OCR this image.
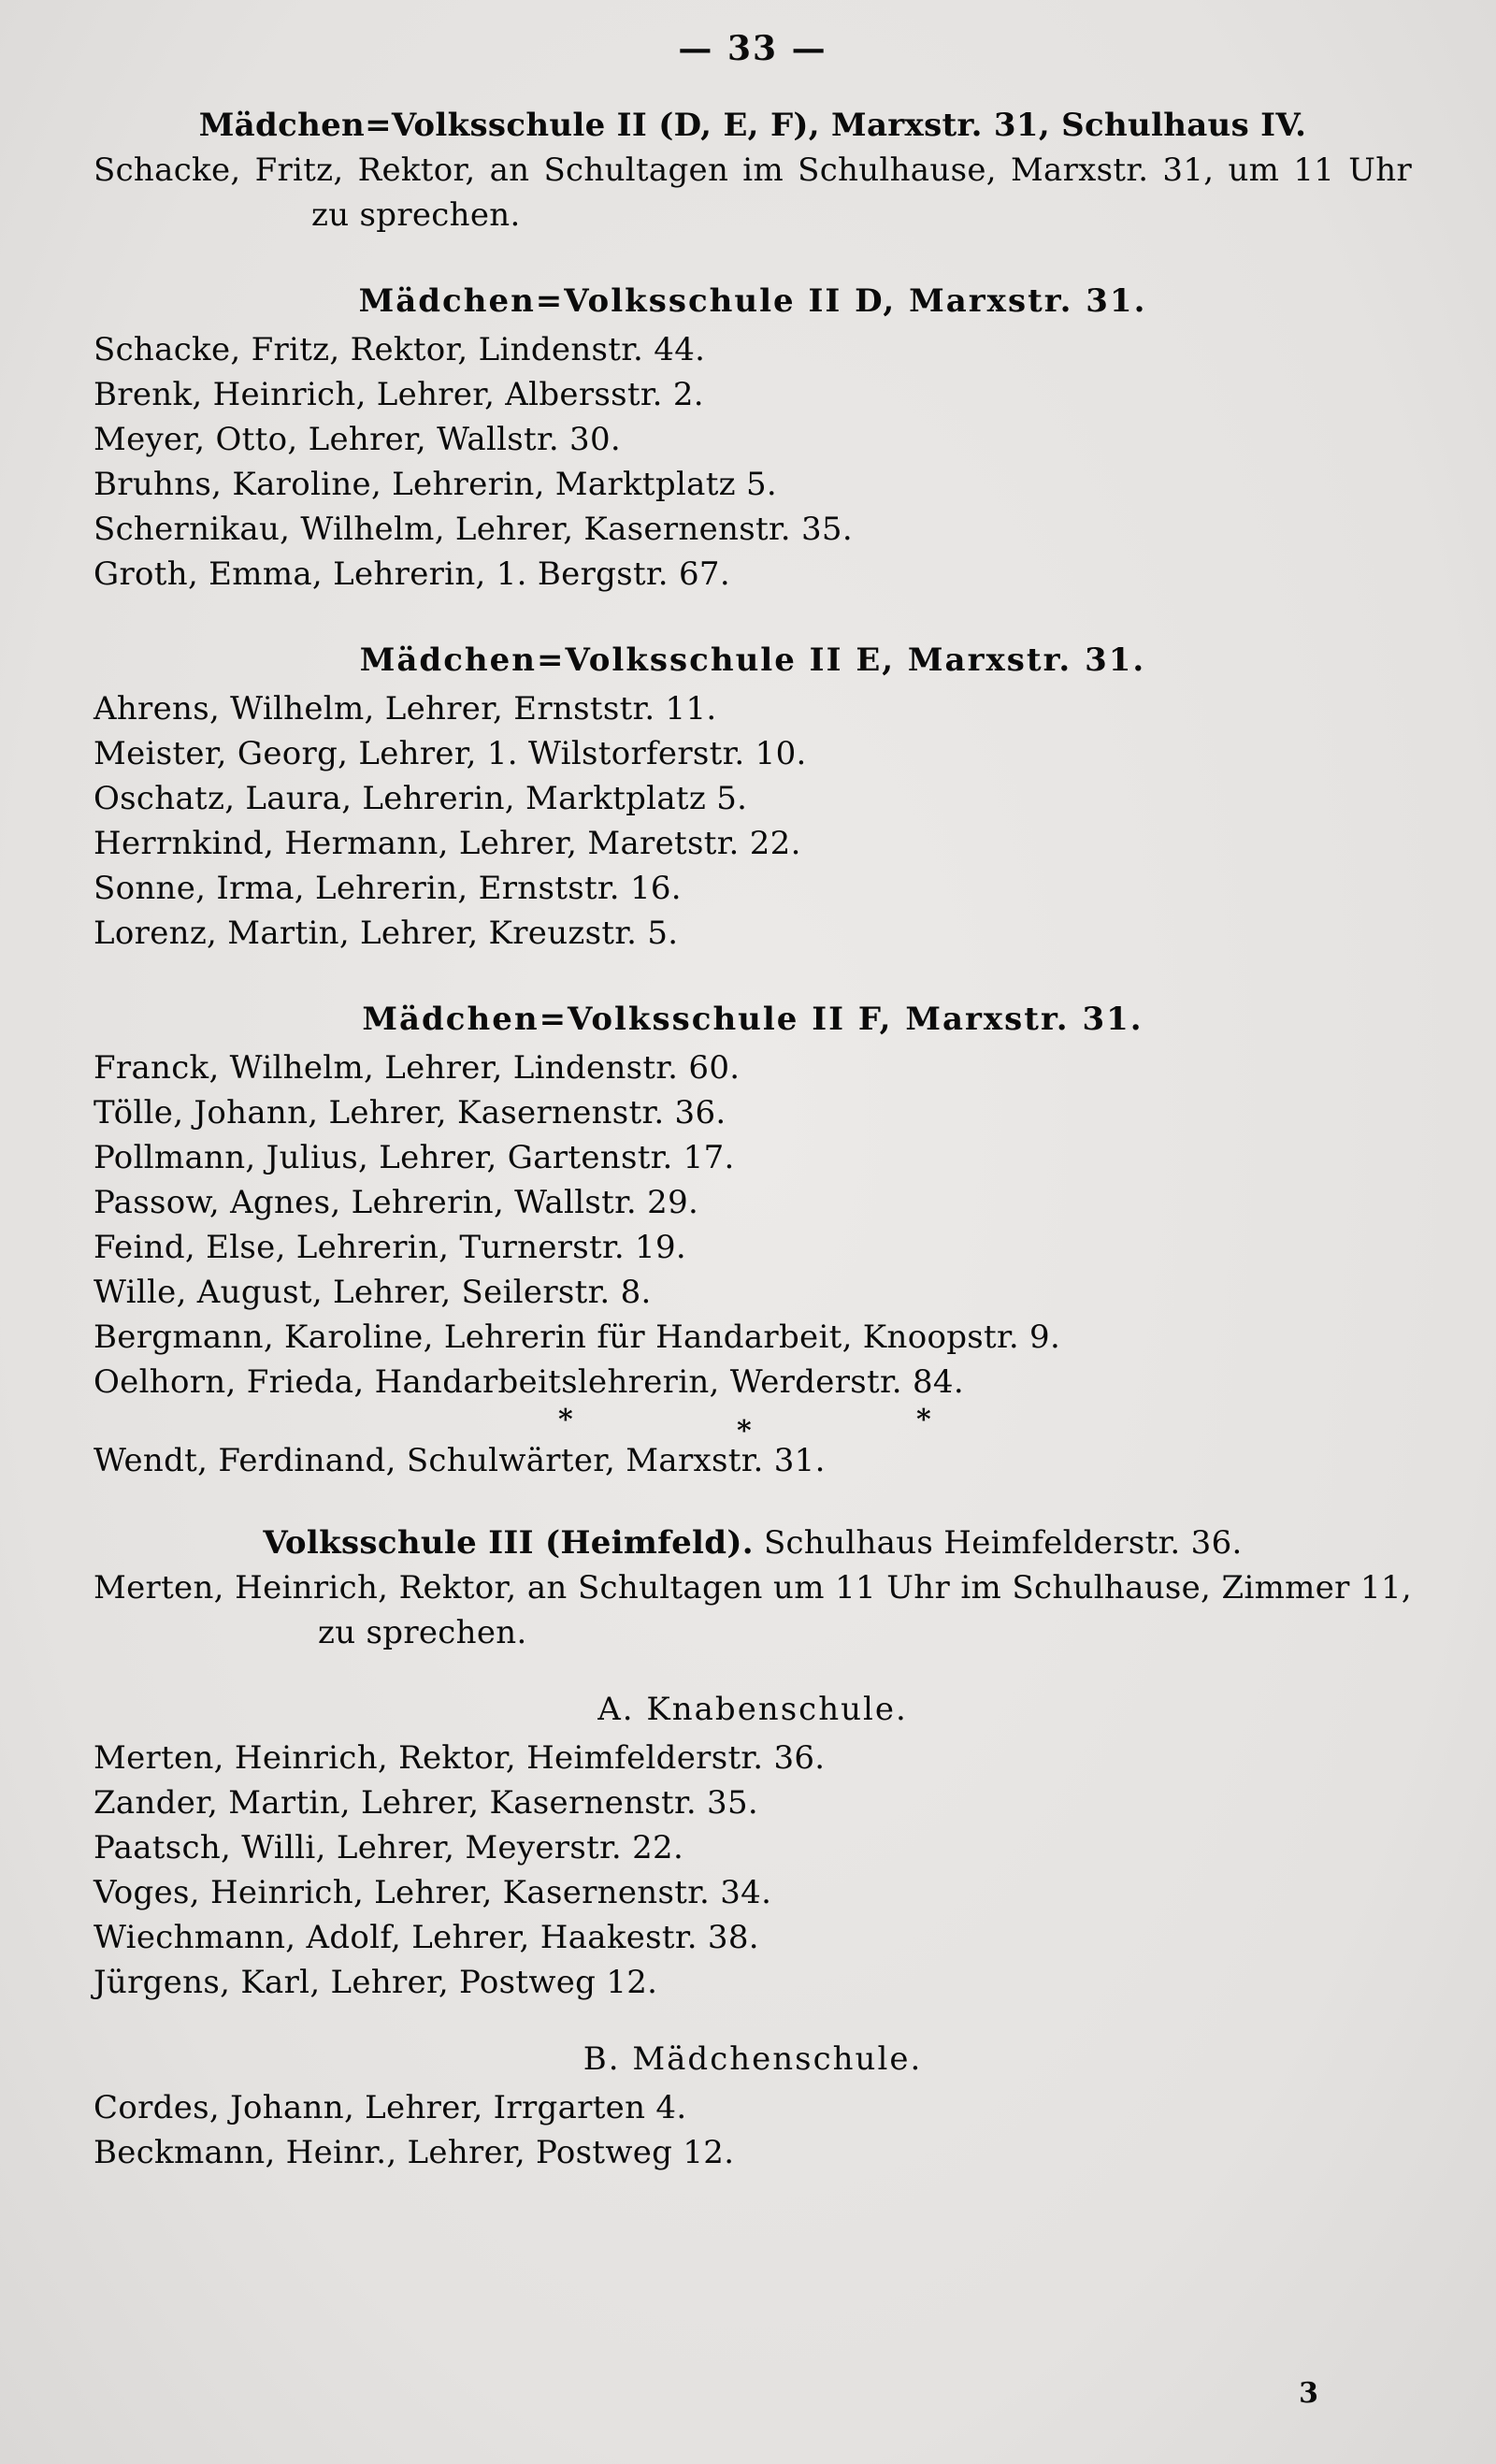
— 33 —
Mädchen=Volksschule II (D, E, F), Marxstr. 31, Schulhaus IV.
Schacke, Fritz, Rektor, an Schultagen im Schulhause, Marxstr. 31, um 11 Uhr zu sprechen.
Mädchen=Volksschule II D, Marxstr. 31.
Schacke, Fritz, Rektor, Lindenstr. 44.
Brenk, Heinrich, Lehrer, Albersstr. 2.
Meyer, Otto, Lehrer, Wallstr. 30.
Bruhns, Karoline, Lehrerin, Marktplatz 5.
Schernikau, Wilhelm, Lehrer, Kasernenstr. 35.
Groth, Emma, Lehrerin, 1. Bergstr. 67.
Mädchen=Volksschule II E, Marxstr. 31.
Ahrens, Wilhelm, Lehrer, Ernststr. 11.
Meister, Georg, Lehrer, 1. Wilstorferstr. 10.
Oschatz, Laura, Lehrerin, Marktplatz 5.
Herrnkind, Hermann, Lehrer, Maretstr. 22.
Sonne, Irma, Lehrerin, Ernststr. 16.
Lorenz, Martin, Lehrer, Kreuzstr. 5.
Mädchen=Volksschule II F, Marxstr. 31.
Franck, Wilhelm, Lehrer, Lindenstr. 60.
Tölle, Johann, Lehrer, Kasernenstr. 36.
Pollmann, Julius, Lehrer, Gartenstr. 17.
Passow, Agnes, Lehrerin, Wallstr. 29.
Feind, Else, Lehrerin, Turnerstr. 19.
Wille, August, Lehrer, Seilerstr. 8.
Bergmann, Karoline, Lehrerin für Handarbeit, Knoopstr. 9.
Oelhorn, Frieda, Handarbeitslehrerin, Werderstr. 84.
*	*	*
Wendt, Ferdinand, Schulwärter, Marxstr. 31.
Volksschule III (Heimfeld). Schulhaus Heimfelderstr. 36.
Merten, Heinrich, Rektor, an Schultagen um 11 Uhr im Schulhause, Zimmer 11, zu sprechen.
A. Knabenschule.
Merten, Heinrich, Rektor, Heimfelderstr. 36.
Zander, Martin, Lehrer, Kasernenstr. 35.
Paatsch, Willi, Lehrer, Meyerstr. 22.
Voges, Heinrich, Lehrer, Kasernenstr. 34.
Wiechmann, Adolf, Lehrer, Haakestr. 38.
Jürgens, Karl, Lehrer, Postweg 12.
B. Mädchenschule.
Cordes, Johann, Lehrer, Irrgarten 4.
Beckmann, Heinr., Lehrer, Postweg 12.
3
